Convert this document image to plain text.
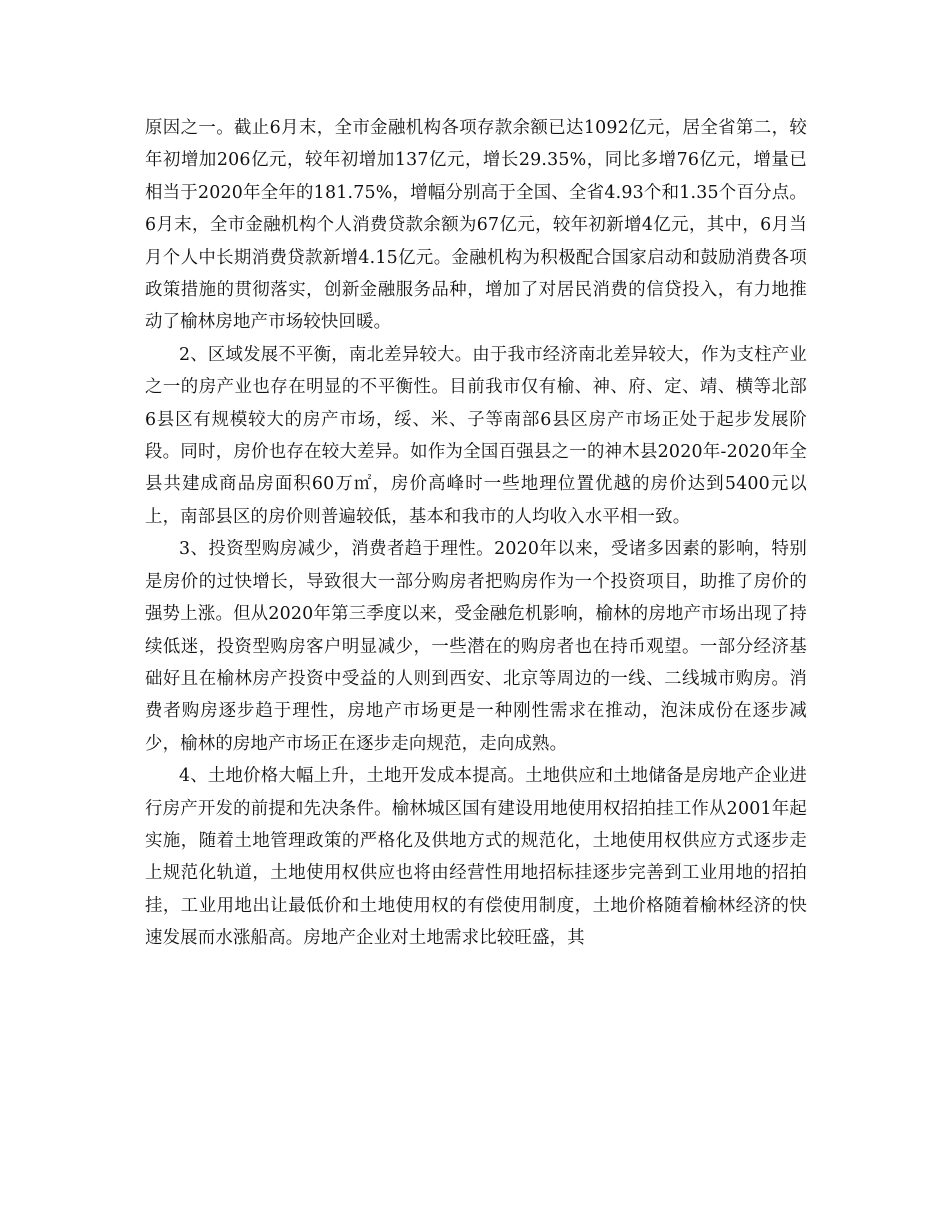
原因之一。截止6月末，全市金融机构各项存款余额已达1092亿元，居全省第二，较年初增加206亿元，较年初增加137亿元，增长29.35%，同比多增76亿元，增量已相当于2020年全年的181.75%，增幅分别高于全国、全省4.93个和1.35个百分点。6月末，全市金融机构个人消费贷款余额为67亿元，较年初新增4亿元，其中，6月当月个人中长期消费贷款新增4.15亿元。金融机构为积极配合国家启动和鼓励消费各项政策措施的贯彻落实，创新金融服务品种，增加了对居民消费的信贷投入，有力地推动了榆林房地产市场较快回暖。

2、区域发展不平衡，南北差异较大。由于我市经济南北差异较大，作为支柱产业之一的房产业也存在明显的不平衡性。目前我市仅有榆、神、府、定、靖、横等北部6县区有规模较大的房产市场，绥、米、子等南部6县区房产市场正处于起步发展阶段。同时，房价也存在较大差异。如作为全国百强县之一的神木县2020年-2020年全县共建成商品房面积60万㎡，房价高峰时一些地理位置优越的房价达到5400元以上，南部县区的房价则普遍较低，基本和我市的人均收入水平相一致。

3、投资型购房减少，消费者趋于理性。2020年以来，受诸多因素的影响，特别是房价的过快增长，导致很大一部分购房者把购房作为一个投资项目，助推了房价的强势上涨。但从2020年第三季度以来，受金融危机影响，榆林的房地产市场出现了持续低迷，投资型购房客户明显减少，一些潜在的购房者也在持币观望。一部分经济基础好且在榆林房产投资中受益的人则到西安、北京等周边的一线、二线城市购房。消费者购房逐步趋于理性，房地产市场更是一种刚性需求在推动，泡沫成份在逐步减少，榆林的房地产市场正在逐步走向规范，走向成熟。

4、土地价格大幅上升，土地开发成本提高。土地供应和土地储备是房地产企业进行房产开发的前提和先决条件。榆林城区国有建设用地使用权招拍挂工作从2001年起实施，随着土地管理政策的严格化及供地方式的规范化，土地使用权供应方式逐步走上规范化轨道，土地使用权供应也将由经营性用地招标挂逐步完善到工业用地的招拍挂，工业用地出让最低价和土地使用权的有偿使用制度，土地价格随着榆林经济的快速发展而水涨船高。房地产企业对土地需求比较旺盛，其
